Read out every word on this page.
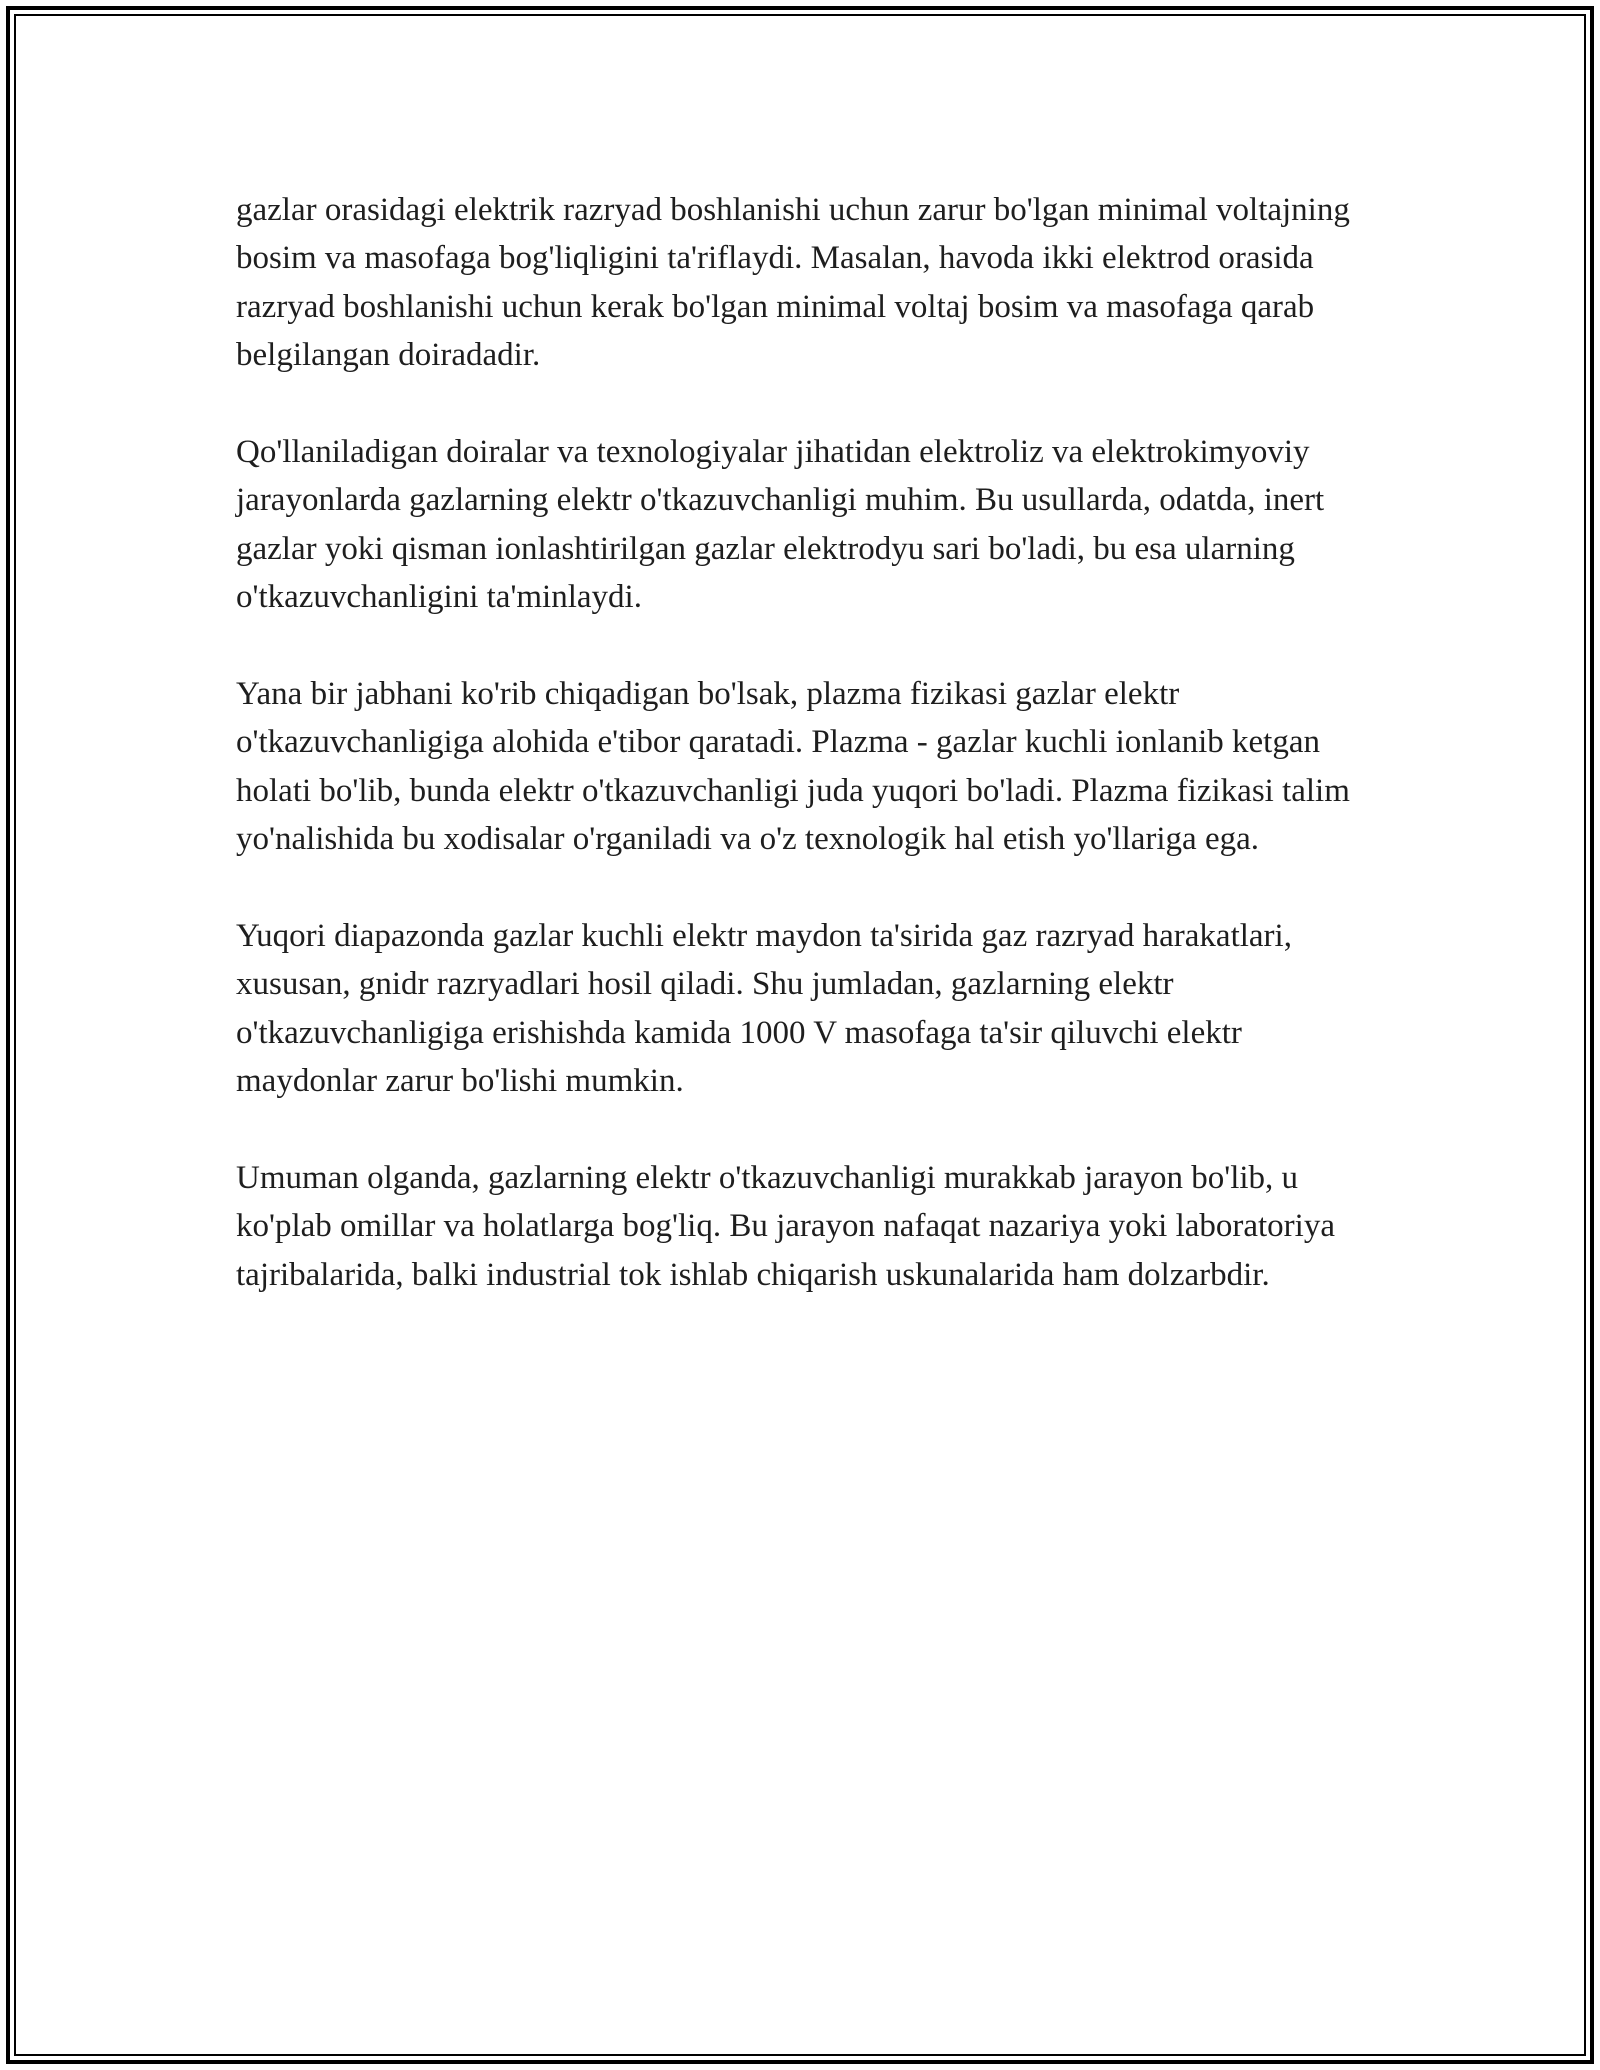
gazlar orasidagi elektrik razryad boshlanishi uchun zarur bo'lgan minimal voltajning bosim va masofaga bog'liqligini ta'riflaydi. Masalan, havoda ikki elektrod orasida razryad boshlanishi uchun kerak bo'lgan minimal voltaj bosim va masofaga qarab belgilangan doiradadir.

Qo'llaniladigan doiralar va texnologiyalar jihatidan elektroliz va elektrokimyoviy jarayonlarda gazlarning elektr o'tkazuvchanligi muhim. Bu usullarda, odatda, inert gazlar yoki qisman ionlashtirilgan gazlar elektrodyu sari bo'ladi, bu esa ularning o'tkazuvchanligini ta'minlaydi.

Yana bir jabhani ko'rib chiqadigan bo'lsak, plazma fizikasi gazlar elektr o'tkazuvchanligiga alohida e'tibor qaratadi. Plazma - gazlar kuchli ionlanib ketgan holati bo'lib, bunda elektr o'tkazuvchanligi juda yuqori bo'ladi. Plazma fizikasi talim yo'nalishida bu xodisalar o'rganiladi va o'z texnologik hal etish yo'llariga ega.

Yuqori diapazonda gazlar kuchli elektr maydon ta'sirida gaz razryad harakatlari, xususan, gnidr razryadlari hosil qiladi. Shu jumladan, gazlarning elektr o'tkazuvchanligiga erishishda kamida 1000 V masofaga ta'sir qiluvchi elektr maydonlar zarur bo'lishi mumkin.

Umuman olganda, gazlarning elektr o'tkazuvchanligi murakkab jarayon bo'lib, u ko'plab omillar va holatlarga bog'liq. Bu jarayon nafaqat nazariya yoki laboratoriya tajribalarida, balki industrial tok ishlab chiqarish uskunalarida ham dolzarbdir.
